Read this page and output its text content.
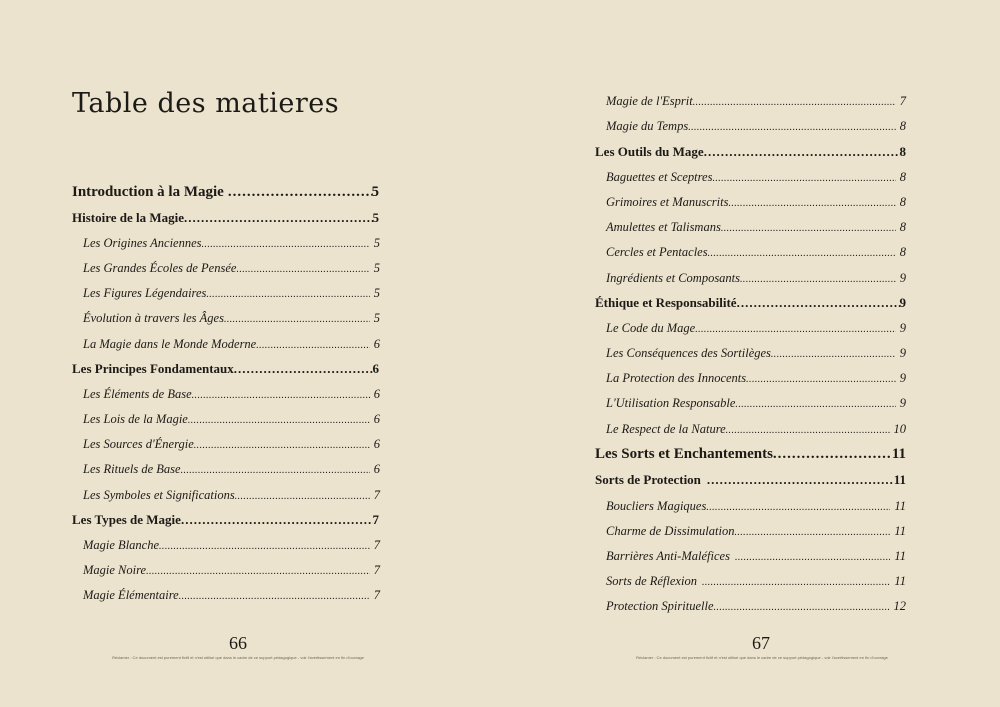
Table des matieres
Introduction à la Magie .....	5
Histoire de la Magie .....	5
Les Origines Anciennes .....	5
Les Grandes Écoles de Pensée .....	5
Les Figures Légendaires .....	5
Évolution à travers les Âges .....	5
La Magie dans le Monde Moderne .....	6
Les Principes Fondamentaux .....	6
Les Éléments de Base .....	6
Les Lois de la Magie .....	6
Les Sources d'Énergie .....	6
Les Rituels de Base .....	6
Les Symboles et Significations .....	7
Les Types de Magie .....	7
Magie Blanche .....	7
Magie Noire .....	7
Magie Élémentaire .....	7
66
Réclamer : Ce document est purement fictif et n'est utilisé que dans le cadre de ce support pédagogique - voir l'avertissement en fin d'ouvrage
Magie de l'Esprit .....	7
Magie du Temps .....	8
Les Outils du Mage .....	8
Baguettes et Sceptres .....	8
Grimoires et Manuscrits .....	8
Amulettes et Talismans .....	8
Cercles et Pentacles .....	8
Ingrédients et Composants .....	9
Éthique et Responsabilité .....	9
Le Code du Mage .....	9
Les Conséquences des Sortilèges .....	9
La Protection des Innocents .....	9
L'Utilisation Responsable .....	9
Le Respect de la Nature .....	10
Les Sorts et Enchantements .....	11
Sorts de Protection .....	11
Boucliers Magiques .....	11
Charme de Dissimulation .....	11
Barrières Anti-Maléfices .....	11
Sorts de Réflexion .....	11
Protection Spirituelle .....	12
67
Réclamer : Ce document est purement fictif et n'est utilisé que dans le cadre de ce support pédagogique - voir l'avertissement en fin d'ouvrage
